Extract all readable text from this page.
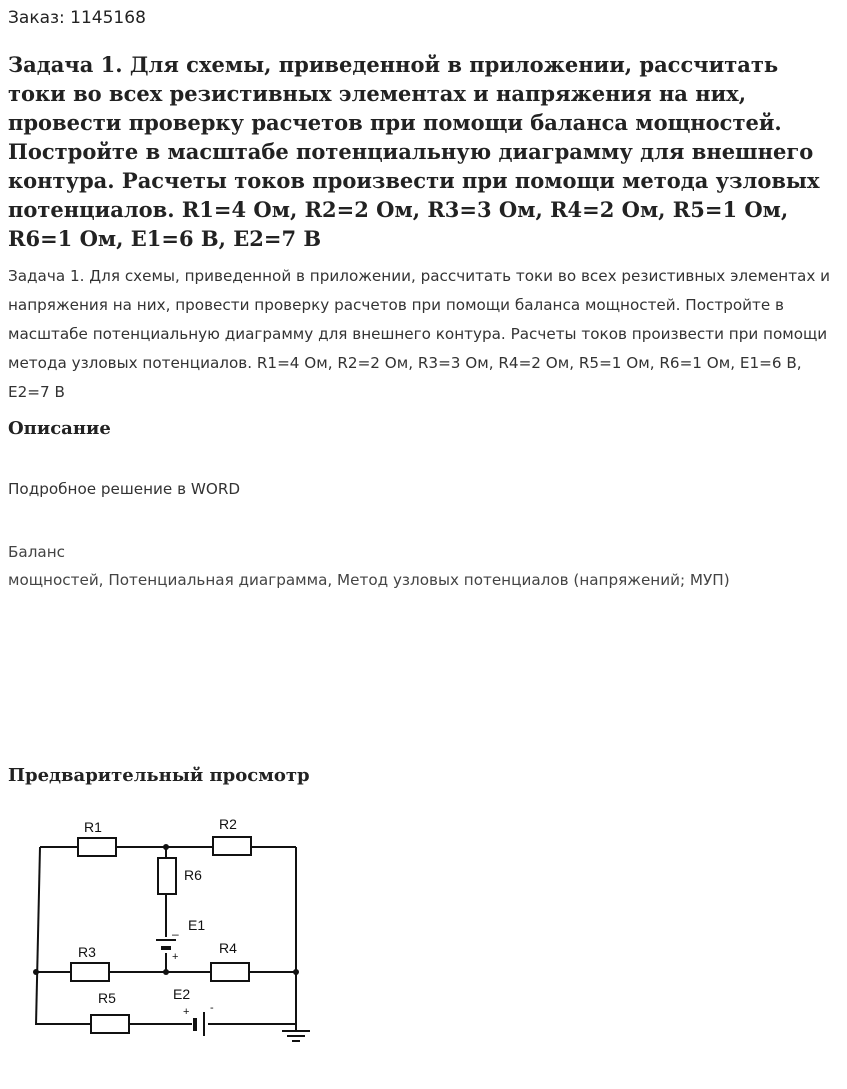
Заказ: 1145168
Задача 1. Для схемы, приведенной в приложении, рассчитать токи во всех резистивных элементах и напряжения на них, провести проверку расчетов при помощи баланса мощностей. Постройте в масштабе потенциальную диаграмму для внешнего контура. Расчеты токов произвести при помощи метода узловых потенциалов. R1=4 Ом, R2=2 Ом, R3=3 Ом, R4=2 Ом, R5=1 Ом, R6=1 Ом, E1=6 В, E2=7 В
Задача 1. Для схемы, приведенной в приложении, рассчитать токи во всех резистивных элементах и напряжения на них, провести проверку расчетов при помощи баланса мощностей. Постройте в масштабе потенциальную диаграмму для внешнего контура. Расчеты токов произвести при помощи метода узловых потенциалов. R1=4 Ом, R2=2 Ом, R3=3 Ом, R4=2 Ом, R5=1 Ом, R6=1 Ом, E1=6 В, E2=7 В
Описание
Подробное решение в WORD
Баланс
мощностей, Потенциальная диаграмма, Метод узловых потенциалов (напряжений; МУП)
Предварительный просмотр
R1	R2
R6
E1
–
+
R3	R4
R5	E2
+ -
